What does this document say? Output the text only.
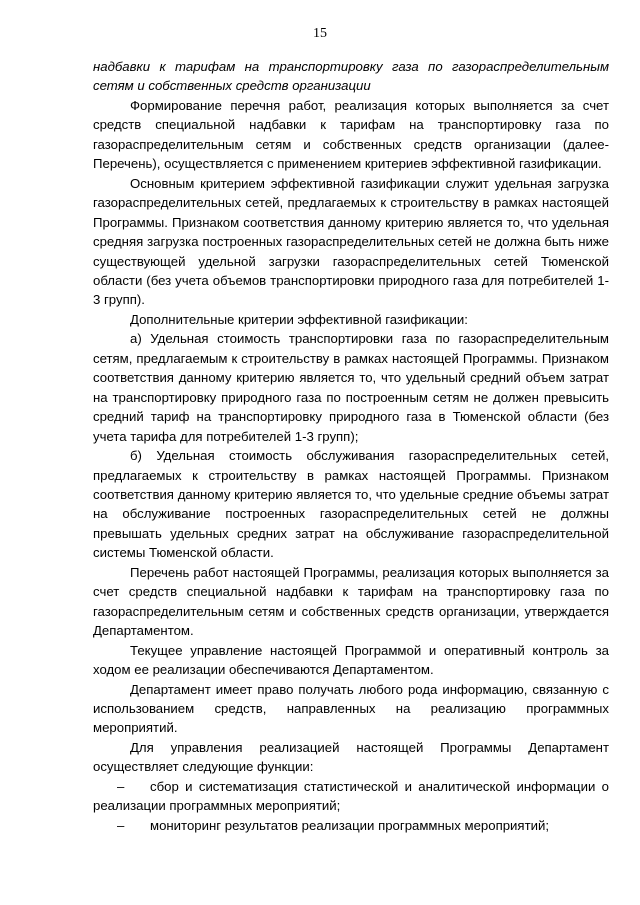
15

надбавки к тарифам на транспортировку газа по газораспределительным сетям и собственных средств организации

Формирование перечня работ, реализация которых выполняется за счет средств специальной надбавки к тарифам на транспортировку газа по газораспределительным сетям и собственных средств организации (далее-Перечень), осуществляется с применением критериев эффективной газификации.

Основным критерием эффективной газификации служит удельная загрузка газораспределительных сетей, предлагаемых к строительству в рамках настоящей Программы. Признаком соответствия данному критерию является то, что удельная средняя загрузка построенных газораспределительных сетей не должна быть ниже существующей удельной загрузки газораспределительных сетей Тюменской области (без учета объемов транспортировки природного газа для потребителей 1-3 групп).

Дополнительные критерии эффективной газификации:

а) Удельная стоимость транспортировки газа по газораспределительным сетям, предлагаемым к строительству в рамках настоящей Программы. Признаком соответствия данному критерию является то, что удельный средний объем затрат на транспортировку природного газа по построенным сетям не должен превысить средний тариф на транспортировку природного газа в Тюменской области (без учета тарифа для потребителей 1-3 групп);

б) Удельная стоимость обслуживания газораспределительных сетей, предлагаемых к строительству в рамках настоящей Программы. Признаком соответствия данному критерию является то, что удельные средние объемы затрат на обслуживание построенных газораспределительных сетей не должны превышать удельных средних затрат на обслуживание газораспределительной системы Тюменской области.

Перечень работ настоящей Программы, реализация которых выполняется за счет средств специальной надбавки к тарифам на транспортировку газа по газораспределительным сетям и собственных средств организации, утверждается Департаментом.

Текущее управление настоящей Программой и оперативный контроль за ходом ее реализации обеспечиваются Департаментом.

Департамент имеет право получать любого рода информацию, связанную с использованием средств, направленных на реализацию программных мероприятий.

Для управления реализацией настоящей Программы Департамент осуществляет следующие функции:

– сбор и систематизация статистической и аналитической информации о реализации программных мероприятий;

– мониторинг результатов реализации программных мероприятий;
